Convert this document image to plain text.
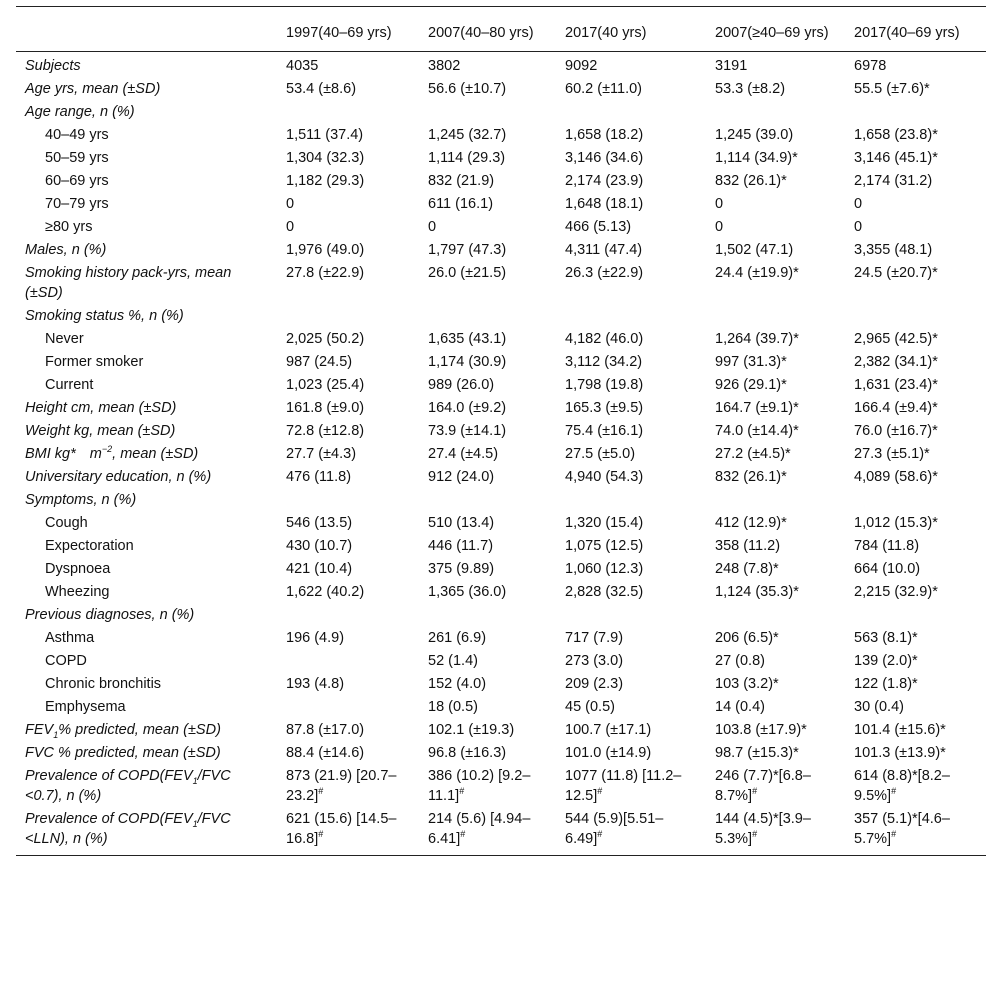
	1997(40–69 yrs)	2007(40–80 yrs)	2017(40 yrs)	2007(≥40–69 yrs)	2017(40–69 yrs)
Subjects	4035	3802	9092	3191	6978
Age yrs, mean (±SD)	53.4 (±8.6)	56.6 (±10.7)	60.2 (±11.0)	53.3 (±8.2)	55.5 (±7.6)*
Age range, n (%)					
40–49 yrs	1,511 (37.4)	1,245 (32.7)	1,658 (18.2)	1,245 (39.0)	1,658 (23.8)*
50–59 yrs	1,304 (32.3)	1,114 (29.3)	3,146 (34.6)	1,114 (34.9)*	3,146 (45.1)*
60–69 yrs	1,182 (29.3)	832 (21.9)	2,174 (23.9)	832 (26.1)*	2,174 (31.2)
70–79 yrs	0	611 (16.1)	1,648 (18.1)	0	0
≥80 yrs	0	0	466 (5.13)	0	0
Males, n (%)	1,976 (49.0)	1,797 (47.3)	4,311 (47.4)	1,502 (47.1)	3,355 (48.1)
Smoking history pack-yrs, mean (±SD)	27.8 (±22.9)	26.0 (±21.5)	26.3 (±22.9)	24.4 (±19.9)*	24.5 (±20.7)*
Smoking status %, n (%)					
Never	2,025 (50.2)	1,635 (43.1)	4,182 (46.0)	1,264 (39.7)*	2,965 (42.5)*
Former smoker	987 (24.5)	1,174 (30.9)	3,112 (34.2)	997 (31.3)*	2,382 (34.1)*
Current	1,023 (25.4)	989 (26.0)	1,798 (19.8)	926 (29.1)*	1,631 (23.4)*
Height cm, mean (±SD)	161.8 (±9.0)	164.0 (±9.2)	165.3 (±9.5)	164.7 (±9.1)*	166.4 (±9.4)*
Weight kg, mean (±SD)	72.8 (±12.8)	73.9 (±14.1)	75.4 (±16.1)	74.0 (±14.4)*	76.0 (±16.7)*
BMI kg* $m^{-2}$, mean (±SD)	27.7 (±4.3)	27.4 (±4.5)	27.5 (±5.0)	27.2 (±4.5)*	27.3 (±5.1)*
Universitary education, n (%)	476 (11.8)	912 (24.0)	4,940 (54.3)	832 (26.1)*	4,089 (58.6)*
Symptoms, n (%)					
Cough	546 (13.5)	510 (13.4)	1,320 (15.4)	412 (12.9)*	1,012 (15.3)*
Expectoration	430 (10.7)	446 (11.7)	1,075 (12.5)	358 (11.2)	784 (11.8)
Dyspnoea	421 (10.4)	375 (9.89)	1,060 (12.3)	248 (7.8)*	664 (10.0)
Wheezing	1,622 (40.2)	1,365 (36.0)	2,828 (32.5)	1,124 (35.3)*	2,215 (32.9)*
Previous diagnoses, n (%)					
Asthma	196 (4.9)	261 (6.9)	717 (7.9)	206 (6.5)*	563 (8.1)*
COPD		52 (1.4)	273 (3.0)	27 (0.8)	139 (2.0)*
Chronic bronchitis	193 (4.8)	152 (4.0)	209 (2.3)	103 (3.2)*	122 (1.8)*
Emphysema		18 (0.5)	45 (0.5)	14 (0.4)	30 (0.4)
$FEV_1\%$ predicted, mean (±SD)	87.8 (±17.0)	102.1 (±19.3)	100.7 (±17.1)	103.8 (±17.9)*	101.4 (±15.6)*
FVC % predicted, mean (±SD)	88.4 (±14.6)	96.8 (±16.3)	101.0 (±14.9)	98.7 (±15.3)*	101.3 (±13.9)*
Prevalence of $COPD(FEV_1$/FVC <0.7), n (%)	873 (21.9) [20.7–23.2]#	386 (10.2) [9.2–11.1]#	1077 (11.8) [11.2–12.5]#	246 (7.7)*[6.8–8.7%]#	614 (8.8)*[8.2–9.5%]#
Prevalence of $COPD(FEV_1$/FVC <LLN), n (%)	621 (15.6) [14.5–16.8]#	214 (5.6) [4.94–6.41]#	544 (5.9)[5.51–6.49]#	144 (4.5)*[3.9–5.3%]#	357 (5.1)*[4.6–5.7%]#
